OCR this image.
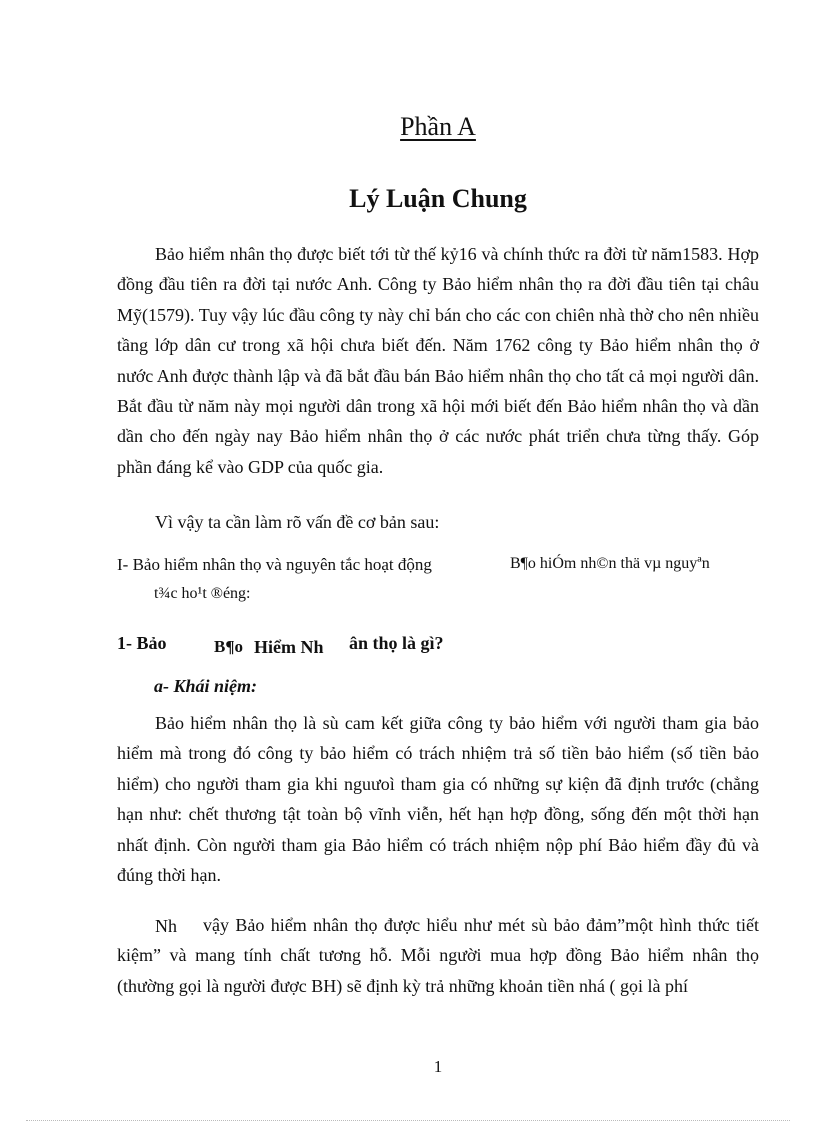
Phần A
Lý Luận Chung
Bảo hiểm nhân thọ được biết tới từ thế kỷ16 và chính thức ra đời từ năm1583. Hợp đồng đầu tiên ra đời tại nước Anh. Công ty Bảo hiểm nhân thọ ra đời đầu tiên tại châu Mỹ(1579). Tuy vậy lúc đầu công ty này chỉ bán cho các con chiên nhà thờ cho nên nhiều tầng lớp dân cư trong xã hội chưa biết đến. Năm 1762 công ty Bảo hiểm nhân thọ ở nước Anh được thành lập và đã bắt đầu bán Bảo hiểm nhân thọ cho tất cả mọi người dân. Bắt đầu từ năm này mọi người dân trong xã hội mới biết đến Bảo hiểm nhân thọ và dần dần cho đến ngày nay Bảo hiểm nhân thọ ở các nước phát triển chưa từng thấy. Góp phần đáng kể vào GDP của quốc gia.
Vì vậy ta cần làm rõ vấn đề cơ bản sau:
I- Bảo hiểm nhân thọ và nguyên tắc hoạt động	B¶o hiÓm nh©n thä vµ nguyªn
t¾c ho¹t ®éng:
1- Bảo	B¶o Hiểm Nh ân thọ là gì?
a- Khái niệm:
Bảo hiểm nhân thọ là sù cam kết giữa công ty bảo hiểm với người tham gia bảo hiểm mà trong đó công ty bảo hiểm có trách nhiệm trả số tiền bảo hiểm (số tiền bảo hiểm) cho người tham gia khi nguưoì tham gia có những sự kiện đã định trước (chẳng hạn như: chết thương tật toàn bộ vĩnh viễn, hết hạn hợp đồng, sống đến một thời hạn nhất định. Còn người tham gia Bảo hiểm có trách nhiệm nộp phí Bảo hiểm đầy đủ và đúng thời hạn.
Nh	vậy Bảo hiểm nhân thọ được hiểu như mét sù bảo đảm”một hình thức tiết kiệm” và mang tính chất tương hỗ. Mỗi người mua hợp đồng Bảo hiểm nhân thọ (thường gọi là người được BH) sẽ định kỳ trả những khoản tiền nhá ( gọi là phí
1
